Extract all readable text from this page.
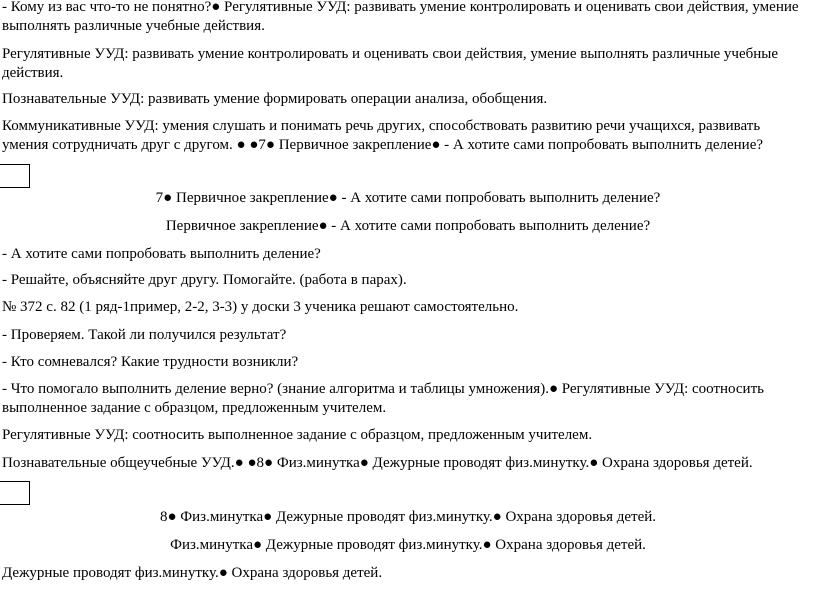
- Кому из вас что-то не понятно?● Регулятивные УУД: развивать умение контролировать и оценивать свои действия, умение выполнять различные учебные действия.

Регулятивные УУД: развивать умение контролировать и оценивать свои действия, умение выполнять различные учебные действия.

Познавательные УУД: развивать умение формировать операции анализа, обобщения.

Коммуникативные УУД: умения слушать и понимать речь других, способствовать развитию речи учащихся, развивать умения сотрудничать друг с другом. ● ●7● Первичное закрепление● - А хотите сами попробовать выполнить деление?

7● Первичное закрепление● - А хотите сами попробовать выполнить деление?

Первичное закрепление● - А хотите сами попробовать выполнить деление?

- А хотите сами попробовать выполнить деление?

- Решайте, объясняйте друг другу. Помогайте. (работа в парах).

№ 372 с. 82 (1 ряд-1пример, 2-2, 3-3) у доски 3 ученика решают самостоятельно.

- Проверяем. Такой ли получился результат?

- Кто сомневался? Какие трудности возникли?

- Что помогало выполнить деление верно? (знание алгоритма и таблицы умножения).● Регулятивные УУД: соотносить выполненное задание с образцом, предложенным учителем.

Регулятивные УУД: соотносить выполненное задание с образцом, предложенным учителем.

Познавательные общеучебные УУД.● ●8● Физ.минутка● Дежурные проводят физ.минутку.● Охрана здоровья детей.

8● Физ.минутка● Дежурные проводят физ.минутку.● Охрана здоровья детей.

Физ.минутка● Дежурные проводят физ.минутку.● Охрана здоровья детей.

Дежурные проводят физ.минутку.● Охрана здоровья детей.
